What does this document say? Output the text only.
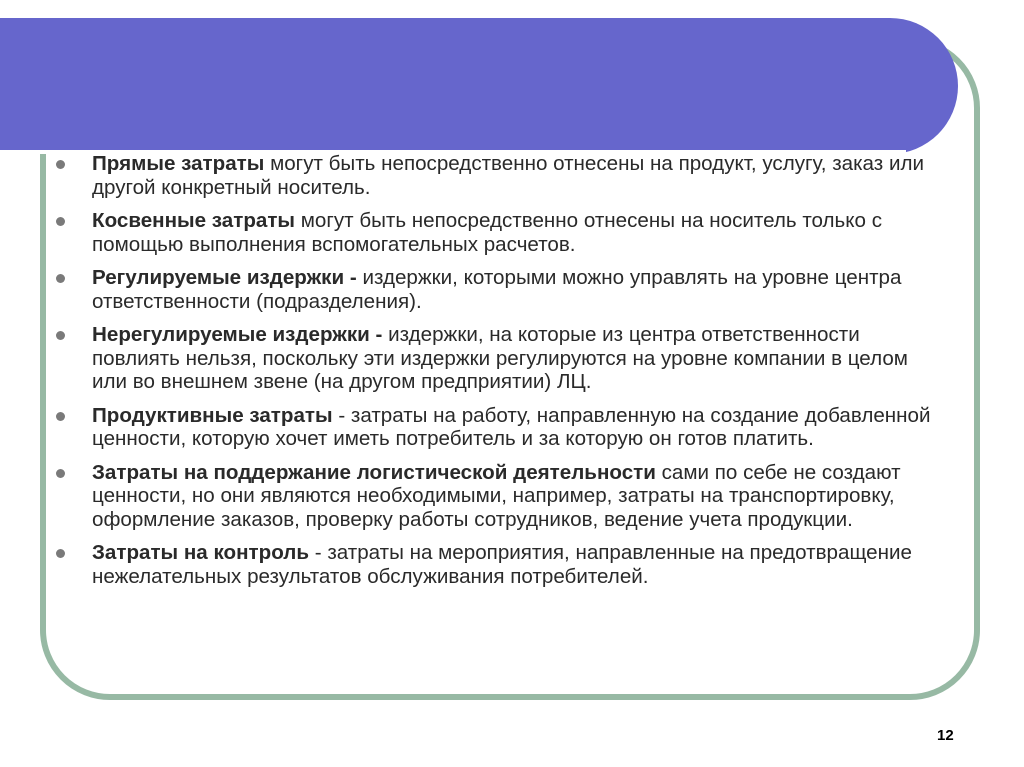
Прямые затраты могут быть непосредственно отнесены на продукт, услугу, заказ или другой конкретный носитель.
Косвенные затраты могут быть непосредственно отнесены на носитель только с помощью выполнения вспомогательных расчетов.
Регулируемые издержки - издержки, которыми можно управлять на уровне центра ответственности (подразделения).
Нерегулируемые издержки - издержки, на которые из центра ответственности повлиять нельзя, поскольку эти издержки регулируются на уровне компании в целом или во внешнем звене (на другом предприятии) ЛЦ.
Продуктивные затраты - затраты на работу, направленную на создание добавленной ценности, которую хочет иметь потребитель и за которую он готов платить.
Затраты на поддержание логистической деятельности сами по себе не создают ценности, но они являются необходимыми, например, затраты на транспортировку, оформление заказов, проверку работы сотрудников, ведение учета продукции.
Затраты на контроль - затраты на мероприятия, направленные на предотвращение нежелательных результатов обслуживания потребителей.
12
